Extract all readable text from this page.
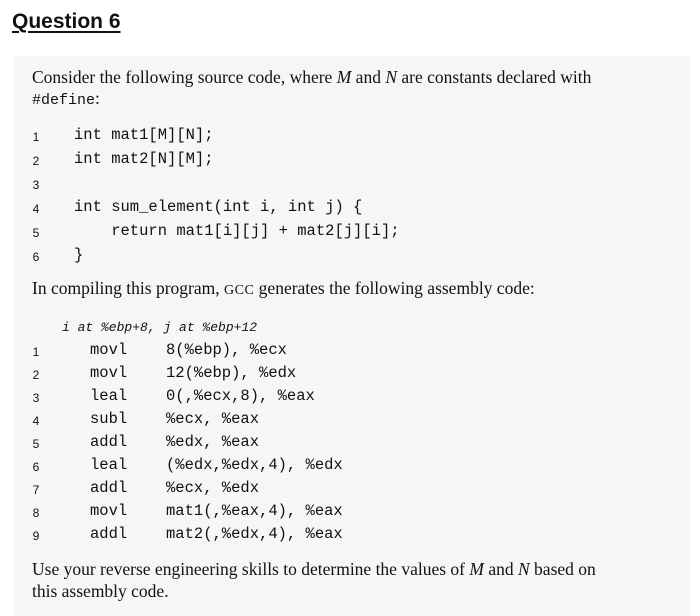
Question 6
Consider the following source code, where M and N are constants declared with
#define:
1	int mat1[M][N];
2	int mat2[N][M];
3
4	int sum_element(int i, int j) {
5	return mat1[i][j] + mat2[j][i];
6	}
In compiling this program, GCC generates the following assembly code:
i at %ebp+8, j at %ebp+12
1	movl	8(%ebp), %ecx
2	movl	12(%ebp), %edx
3	leal	0(,%ecx,8), %eax
4	subl	%ecx, %eax
5	addl	%edx, %eax
6	leal	(%edx,%edx,4), %edx
7	addl	%ecx, %edx
8	movl	mat1(,%eax,4), %eax
9	addl	mat2(,%edx,4), %eax
Use your reverse engineering skills to determine the values of M and N based on
this assembly code.
